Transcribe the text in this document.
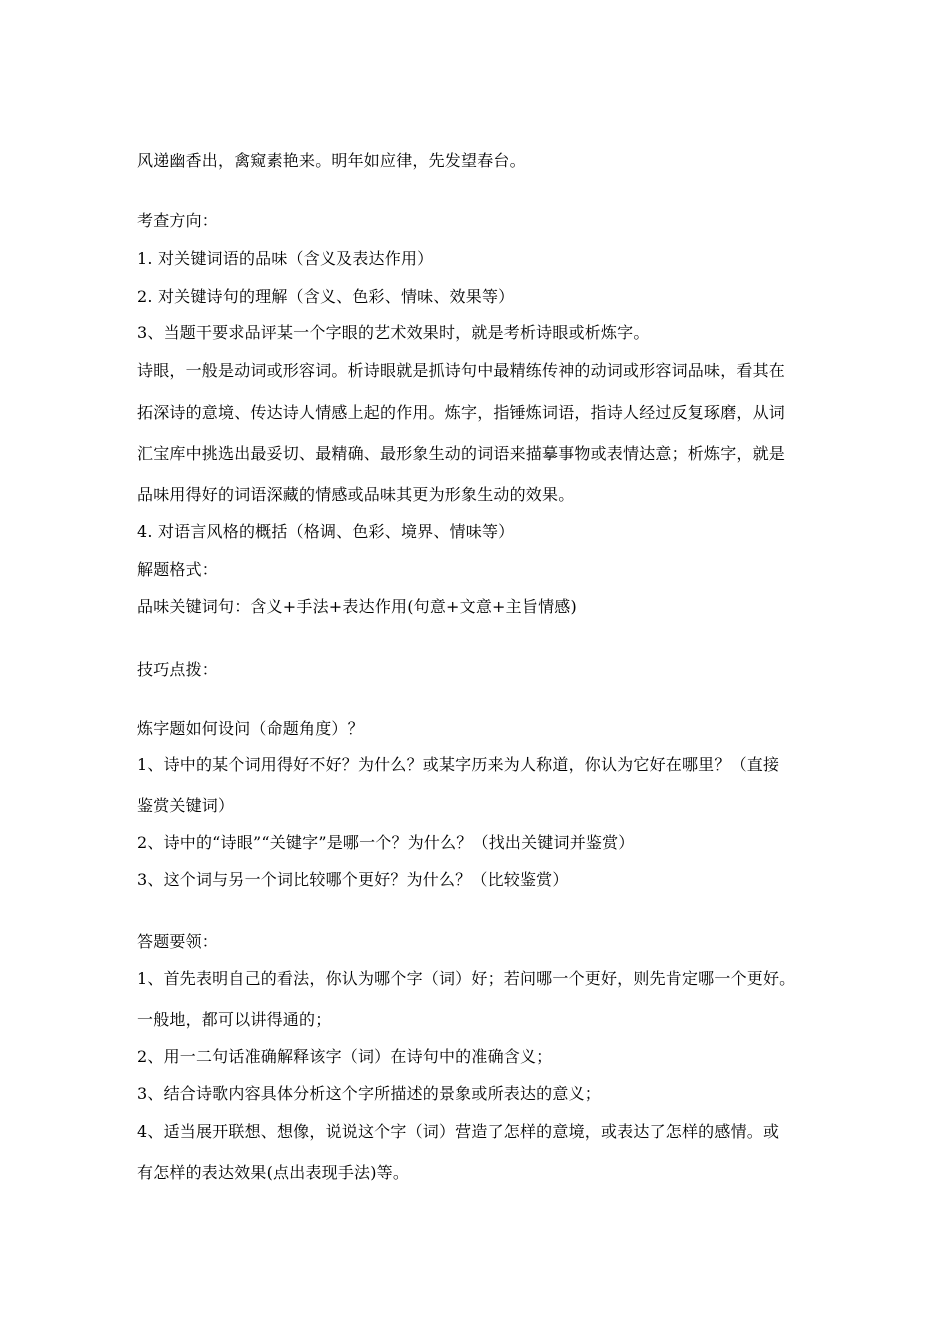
风递幽香出，禽窥素艳来。明年如应律，先发望春台。
考查方向：
1. 对关键词语的品味（含义及表达作用）
2. 对关键诗句的理解（含义、色彩、情味、效果等）
3、当题干要求品评某一个字眼的艺术效果时，就是考析诗眼或析炼字。
诗眼，一般是动词或形容词。析诗眼就是抓诗句中最精练传神的动词或形容词品味，看其在
拓深诗的意境、传达诗人情感上起的作用。炼字，指锤炼词语，指诗人经过反复琢磨，从词
汇宝库中挑选出最妥切、最精确、最形象生动的词语来描摹事物或表情达意；析炼字，就是
品味用得好的词语深藏的情感或品味其更为形象生动的效果。
4. 对语言风格的概括（格调、色彩、境界、情味等）
解题格式：
品味关键词句：含义+手法+表达作用(句意+文意+主旨情感)
技巧点拨：
炼字题如何设问（命题角度）？
1、诗中的某个词用得好不好？为什么？或某字历来为人称道，你认为它好在哪里？（直接
鉴赏关键词）
2、诗中的“诗眼”“关键字”是哪一个？为什么？（找出关键词并鉴赏）
3、这个词与另一个词比较哪个更好？为什么？（比较鉴赏）
答题要领：
1、首先表明自己的看法，你认为哪个字（词）好；若问哪一个更好，则先肯定哪一个更好。
一般地，都可以讲得通的；
2、用一二句话准确解释该字（词）在诗句中的准确含义；
3、结合诗歌内容具体分析这个字所描述的景象或所表达的意义；
4、适当展开联想、想像，说说这个字（词）营造了怎样的意境，或表达了怎样的感情。或
有怎样的表达效果(点出表现手法)等。
